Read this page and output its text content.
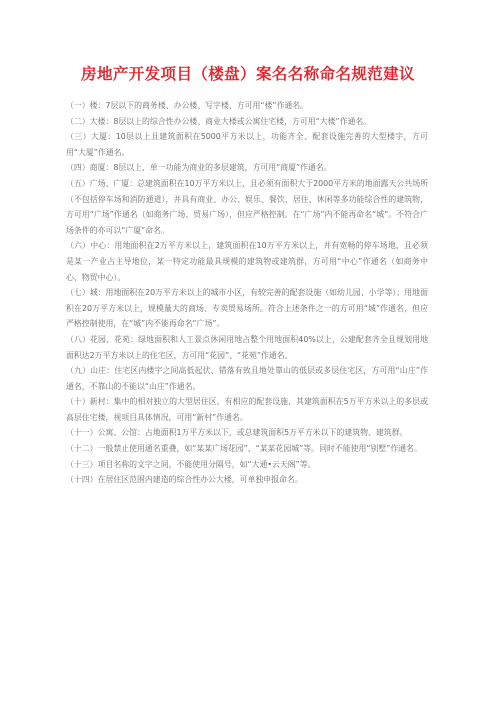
房地产开发项目（楼盘）案名名称命名规范建议

（一）楼：7层以下的商务楼、办公楼、写字楼，方可用“楼”作通名。

（二）大楼：8层以上的综合性办公楼、商业大楼或公寓住宅楼，方可用“大楼”作通名。

（三）大厦：10层以上且建筑面积在5000平方米以上，功能齐全、配套设施完善的大型楼宇，方可用“大厦”作通名。

（四）商厦：8层以上，单一功能为商业的多层建筑，方可用“商厦”作通名。

（五）广场、广厦：总建筑面积在10万平方米以上，且必须有面积大于2000平方米的地面露天公共场所（不包括停车场和消防通道），并具有商业、办公、娱乐、餐饮、居住、休闲等多功能综合性的建筑物，方可用“广场”作通名（如商务广场、贸易广场），但应严格控制。在“广场”内不能再命名“城”。不符合广场条件的亦可以“广厦”命名。

（六）中心：用地面积在2万平方米以上，建筑面积在10万平方米以上，并有宽畅的停车场地，且必须是某一产业占主导地位，某一特定功能最具规模的建筑物或建筑群，方可用“中心”作通名（如商务中心、物贸中心）。

（七）城：用地面积在20万平方米以上的城市小区，有较完善的配套设施（如幼儿园、小学等）；用地面积在20万平方米以上，规模量大的商场、专卖贸易场所。符合上述条件之一的方可用“城”作通名，但应严格控制使用，在“城”内不能再命名“广场”。

（八）花园、花苑：绿地面积和人工景点休闲用地占整个用地面积40%以上，公建配套齐全且规划用地面积达2万平方米以上的住宅区，方可用“花园”、“花苑”作通名。

（九）山庄：住宅区内楼宇之间高低起伏、错落有致且地处靠山的低层或多层住宅区，方可用“山庄”作通名，不靠山的不能以“山庄”作通名。

（十）新村：集中的相对独立的大型居住区，有相应的配套设施，其建筑面积在5万平方米以上的多层或高层住宅楼，视项目具体情况，可用“新村”作通名。

（十一）公寓、公馆：占地面积1万平方米以下，或总建筑面积5万平方米以下的建筑物、建筑群。

（十二）一般禁止使用通名重叠，如“某某广场花园”、“某某花园城”等。同时不能使用“别墅”作通名。

（十三）项目名称的文字之间，不能使用分隔号，如“大通•云天阁”等。

（十四）在居住区范围内建造的综合性办公大楼，可单独申报命名。
